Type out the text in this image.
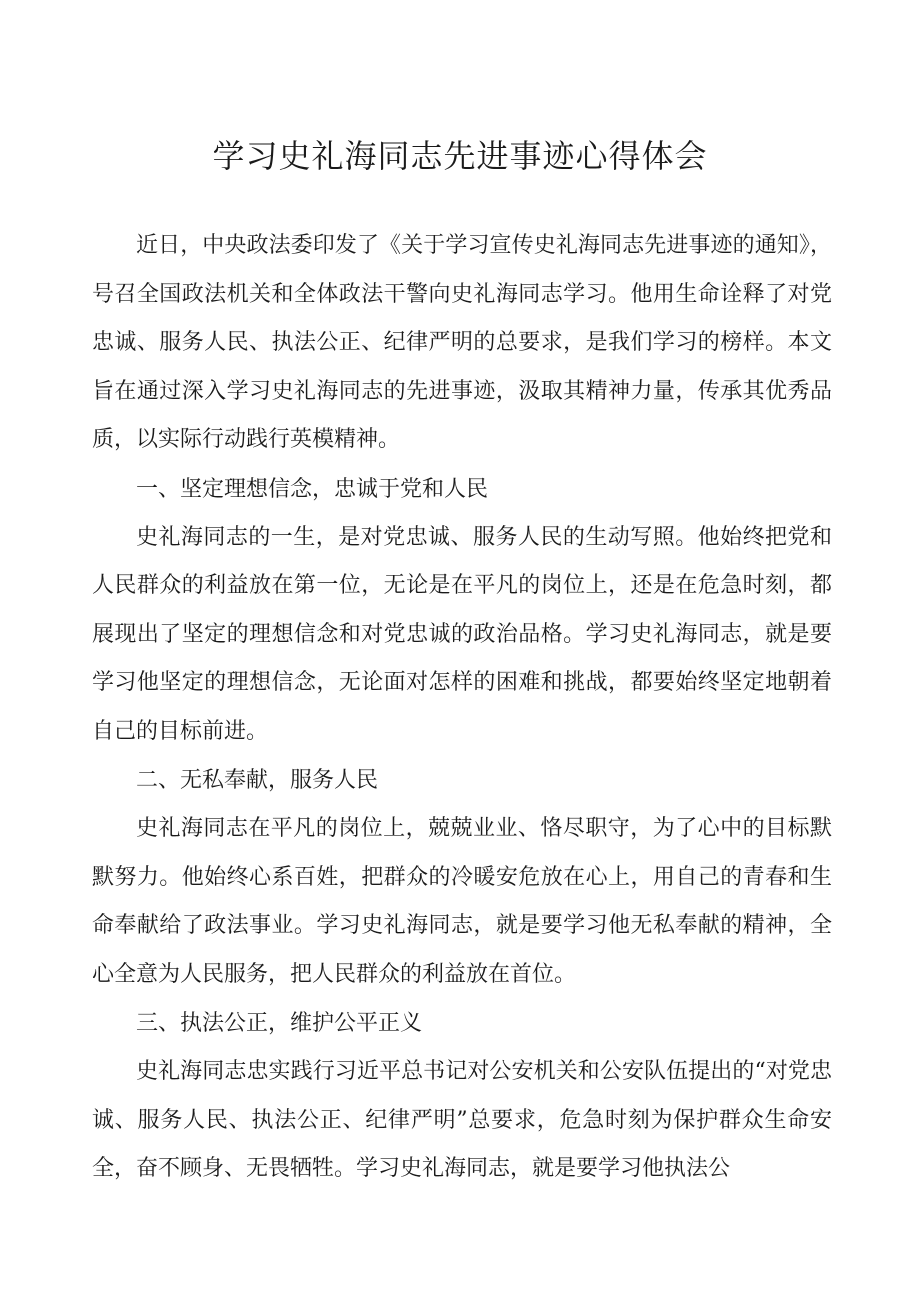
学习史礼海同志先进事迹心得体会

近日，中央政法委印发了《关于学习宣传史礼海同志先进事迹的通知》，号召全国政法机关和全体政法干警向史礼海同志学习。他用生命诠释了对党忠诚、服务人民、执法公正、纪律严明的总要求，是我们学习的榜样。本文旨在通过深入学习史礼海同志的先进事迹，汲取其精神力量，传承其优秀品质，以实际行动践行英模精神。

一、坚定理想信念，忠诚于党和人民

史礼海同志的一生，是对党忠诚、服务人民的生动写照。他始终把党和人民群众的利益放在第一位，无论是在平凡的岗位上，还是在危急时刻，都展现出了坚定的理想信念和对党忠诚的政治品格。学习史礼海同志，就是要学习他坚定的理想信念，无论面对怎样的困难和挑战，都要始终坚定地朝着自己的目标前进。

二、无私奉献，服务人民

史礼海同志在平凡的岗位上，兢兢业业、恪尽职守，为了心中的目标默默努力。他始终心系百姓，把群众的冷暖安危放在心上，用自己的青春和生命奉献给了政法事业。学习史礼海同志，就是要学习他无私奉献的精神，全心全意为人民服务，把人民群众的利益放在首位。

三、执法公正，维护公平正义

史礼海同志忠实践行习近平总书记对公安机关和公安队伍提出的“对党忠诚、服务人民、执法公正、纪律严明”总要求，危急时刻为保护群众生命安全，奋不顾身、无畏牺牲。学习史礼海同志，就是要学习他执法公
